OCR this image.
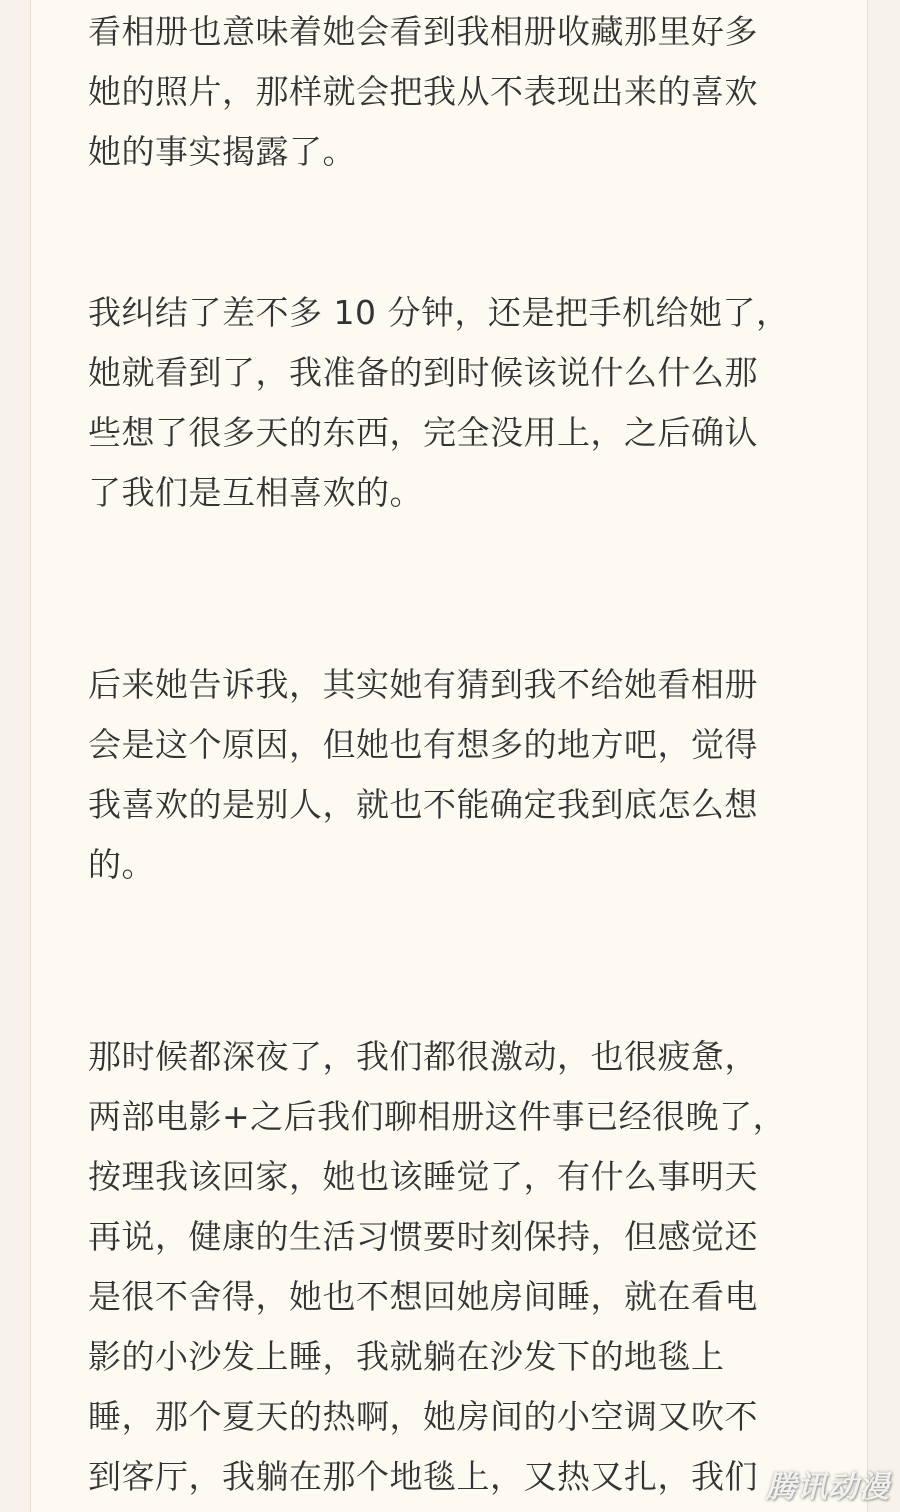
看相册也意味着她会看到我相册收藏那里好多
她的照片，那样就会把我从不表现出来的喜欢
她的事实揭露了。

我纠结了差不多 10 分钟，还是把手机给她了，
她就看到了，我准备的到时候该说什么什么那
些想了很多天的东西，完全没用上，之后确认
了我们是互相喜欢的。

后来她告诉我，其实她有猜到我不给她看相册
会是这个原因，但她也有想多的地方吧，觉得
我喜欢的是别人，就也不能确定我到底怎么想
的。

那时候都深夜了，我们都很激动，也很疲惫，
两部电影+之后我们聊相册这件事已经很晚了，
按理我该回家，她也该睡觉了，有什么事明天
再说，健康的生活习惯要时刻保持，但感觉还
是很不舍得，她也不想回她房间睡，就在看电
影的小沙发上睡，我就躺在沙发下的地毯上
睡，那个夏天的热啊，她房间的小空调又吹不
到客厅，我躺在那个地毯上，又热又扎，我们 腾讯动漫
